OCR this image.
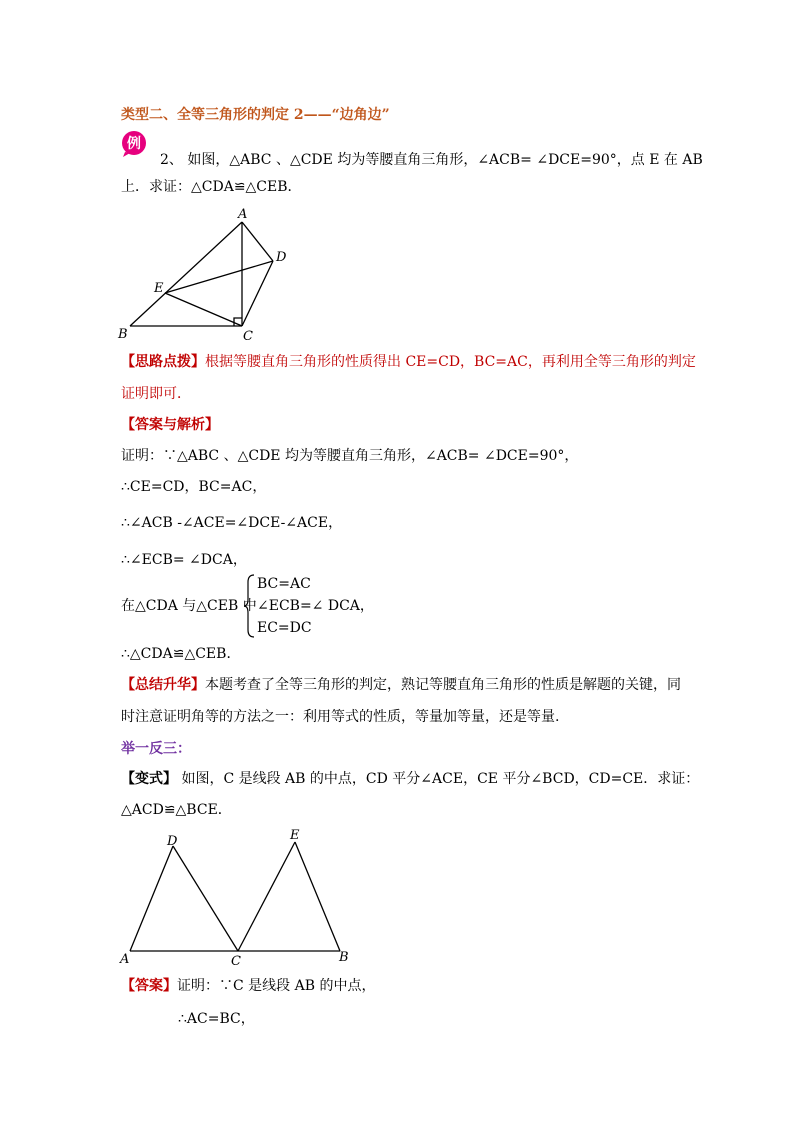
类型二、全等三角形的判定 2——“边角边”
例
2、 如图，△ABC 、△CDE 均为等腰直角三角形，∠ACB= ∠DCE=90°，点 E 在 AB
上．求证：△CDA≌△CEB．
A
B	C
D
E
【思路点拨】根据等腰直角三角形的性质得出 CE=CD，BC=AC，再利用全等三角形的判定
证明即可．
【答案与解析】
证明：∵△ABC 、△CDE 均为等腰直角三角形，∠ACB= ∠DCE=90°，
∴CE=CD，BC=AC，
∴∠ACB -∠ACE=∠DCE-∠ACE，
∴∠ECB= ∠DCA，
在△CDA 与△CEB 中
BC=AC
∠ECB=∠ DCA，
EC=DC
∴△CDA≌△CEB．
【总结升华】本题考查了全等三角形的判定，熟记等腰直角三角形的性质是解题的关键，同
时注意证明角等的方法之一：利用等式的性质，等量加等量，还是等量.
举一反三：
【变式】 如图，C 是线段 AB 的中点，CD 平分∠ACE，CE 平分∠BCD，CD=CE．求证：
△ACD≌△BCE．
A	B
C
D	E
【答案】证明：∵C 是线段 AB 的中点，
∴AC=BC，
